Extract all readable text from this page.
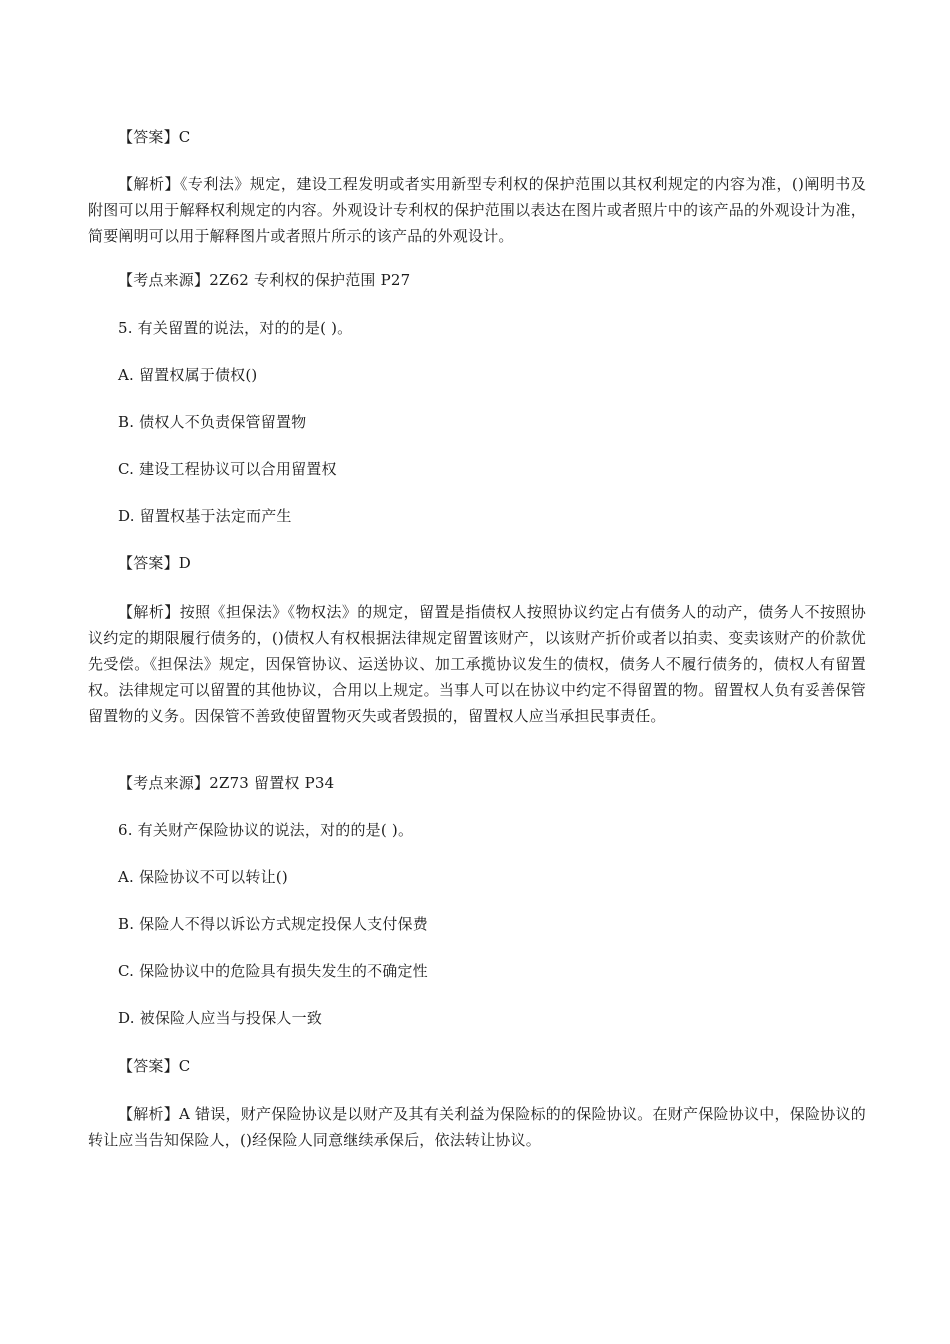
【答案】C

【解析】《专利法》规定，建设工程发明或者实用新型专利权的保护范围以其权利规定的内容为准，()阐明书及附图可以用于解释权利规定的内容。外观设计专利权的保护范围以表达在图片或者照片中的该产品的外观设计为准，简要阐明可以用于解释图片或者照片所示的该产品的外观设计。

【考点来源】2Z62 专利权的保护范围 P27

5. 有关留置的说法，对的的是( )。

A. 留置权属于债权()

B. 债权人不负责保管留置物

C. 建设工程协议可以合用留置权

D. 留置权基于法定而产生

【答案】D

【解析】按照《担保法》《物权法》的规定，留置是指债权人按照协议约定占有债务人的动产，债务人不按照协议约定的期限履行债务的，()债权人有权根据法律规定留置该财产，以该财产折价或者以拍卖、变卖该财产的价款优先受偿。《担保法》规定，因保管协议、运送协议、加工承揽协议发生的债权，债务人不履行债务的，债权人有留置权。法律规定可以留置的其他协议，合用以上规定。当事人可以在协议中约定不得留置的物。留置权人负有妥善保管留置物的义务。因保管不善致使留置物灭失或者毁损的，留置权人应当承担民事责任。

【考点来源】2Z73 留置权 P34

6. 有关财产保险协议的说法，对的的是( )。

A. 保险协议不可以转让()

B. 保险人不得以诉讼方式规定投保人支付保费

C. 保险协议中的危险具有损失发生的不确定性

D. 被保险人应当与投保人一致

【答案】C

【解析】A 错误，财产保险协议是以财产及其有关利益为保险标的的保险协议。在财产保险协议中，保险协议的转让应当告知保险人，()经保险人同意继续承保后，依法转让协议。
